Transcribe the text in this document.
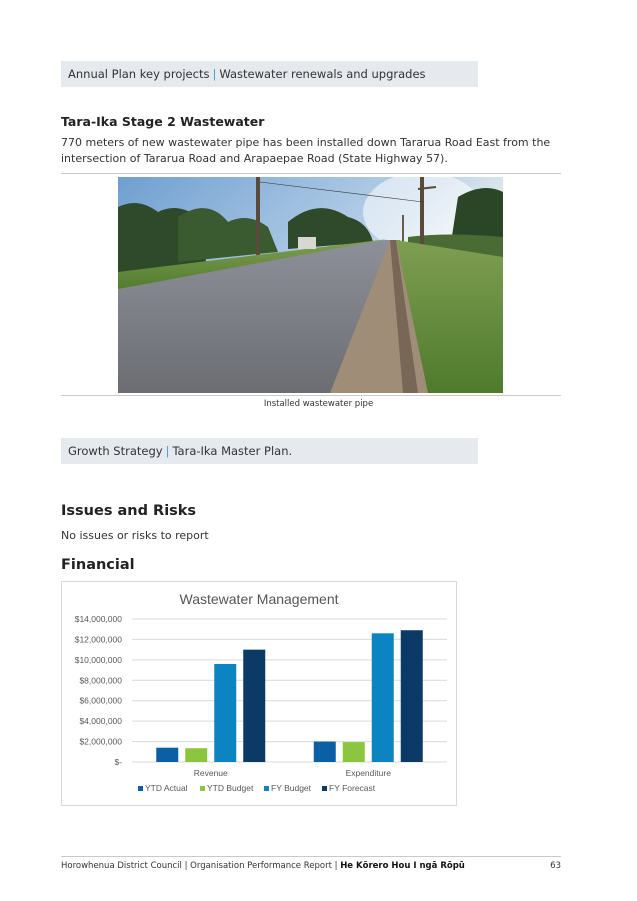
Annual Plan key projects | Wastewater renewals and upgrades
Tara-Ika Stage 2 Wastewater
770 meters of new wastewater pipe has been installed down Tararua Road East from the intersection of Tararua Road and Arapaepae Road (State Highway 57).
Installed wastewater pipe
Growth Strategy | Tara-Ika Master Plan.
Issues and Risks
No issues or risks to report
Financial
Wastewater Management
$-
$2,000,000
$4,000,000
$6,000,000
$8,000,000
$10,000,000
$12,000,000
$14,000,000
Revenue	Expenditure
YTD Actual YTD Budget FY Budget FY Forecast
Horowhenua District Council | Organisation Performance Report | He Kōrero Hou I ngā Rōpū	63
